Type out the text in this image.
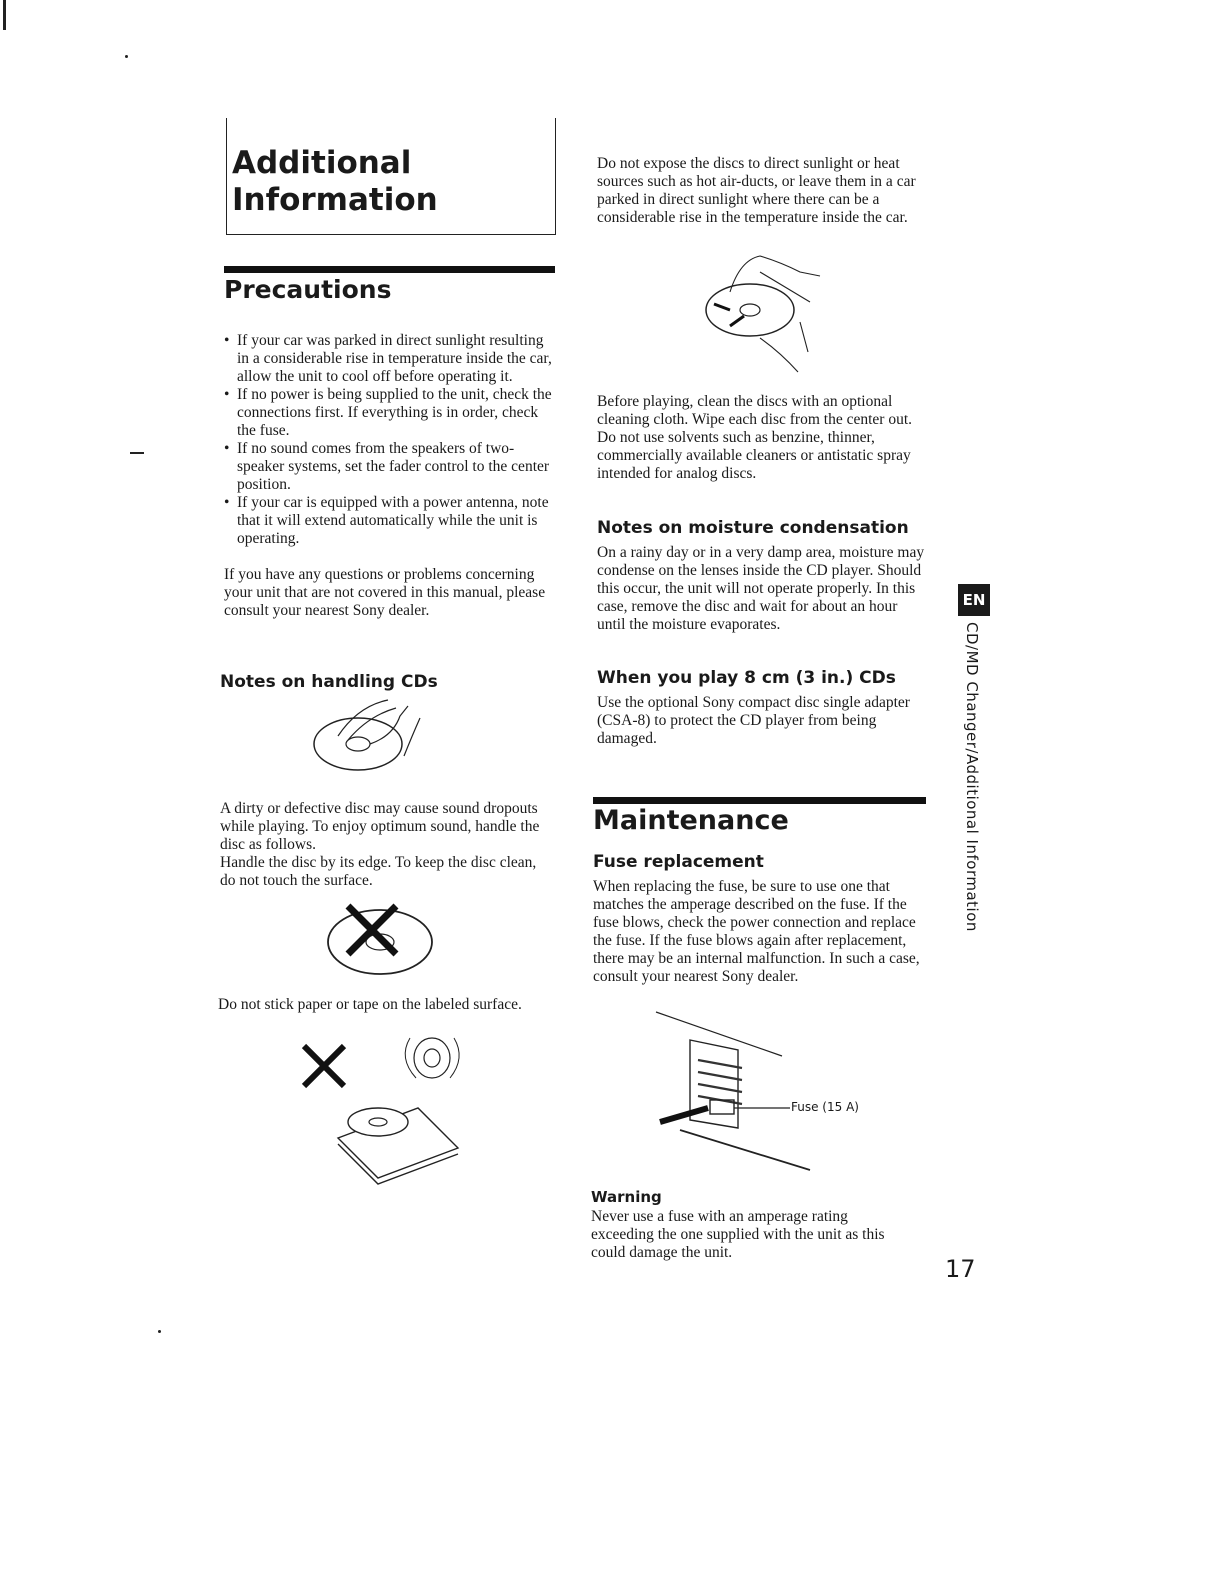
Additional
Information
Precautions
• If your car was parked in direct sunlight resulting in a considerable rise in temperature inside the car, allow the unit to cool off before operating it.
• If no power is being supplied to the unit, check the connections first. If everything is in order, check the fuse.
• If no sound comes from the speakers of two-speaker systems, set the fader control to the center position.
• If your car is equipped with a power antenna, note that it will extend automatically while the unit is operating.

If you have any questions or problems concerning your unit that are not covered in this manual, please consult your nearest Sony dealer.

Notes on handling CDs

A dirty or defective disc may cause sound dropouts while playing. To enjoy optimum sound, handle the disc as follows.

Handle the disc by its edge. To keep the disc clean, do not touch the surface.

Do not stick paper or tape on the labeled surface.
Do not expose the discs to direct sunlight or heat sources such as hot air-ducts, or leave them in a car parked in direct sunlight where there can be a considerable rise in the temperature inside the car.

Before playing, clean the discs with an optional cleaning cloth. Wipe each disc from the center out.

Do not use solvents such as benzine, thinner, commercially available cleaners or antistatic spray intended for analog discs.

Notes on moisture condensation
On a rainy day or in a very damp area, moisture may condense on the lenses inside the CD player. Should this occur, the unit will not operate properly. In this case, remove the disc and wait for about an hour until the moisture evaporates.
When you play 8 cm (3 in.) CDs
Use the optional Sony compact disc single adapter (CSA-8) to protect the CD player from being damaged.
Maintenance
Fuse replacement
When replacing the fuse, be sure to use one that matches the amperage described on the fuse. If the fuse blows, check the power connection and replace the fuse. If the fuse blows again after replacement, there may be an internal malfunction. In such a case, consult your nearest Sony dealer.
Fuse (15 A)
Warning
Never use a fuse with an amperage rating exceeding the one supplied with the unit as this could damage the unit.
EN
CD/MD Changer/Additional Information
17
